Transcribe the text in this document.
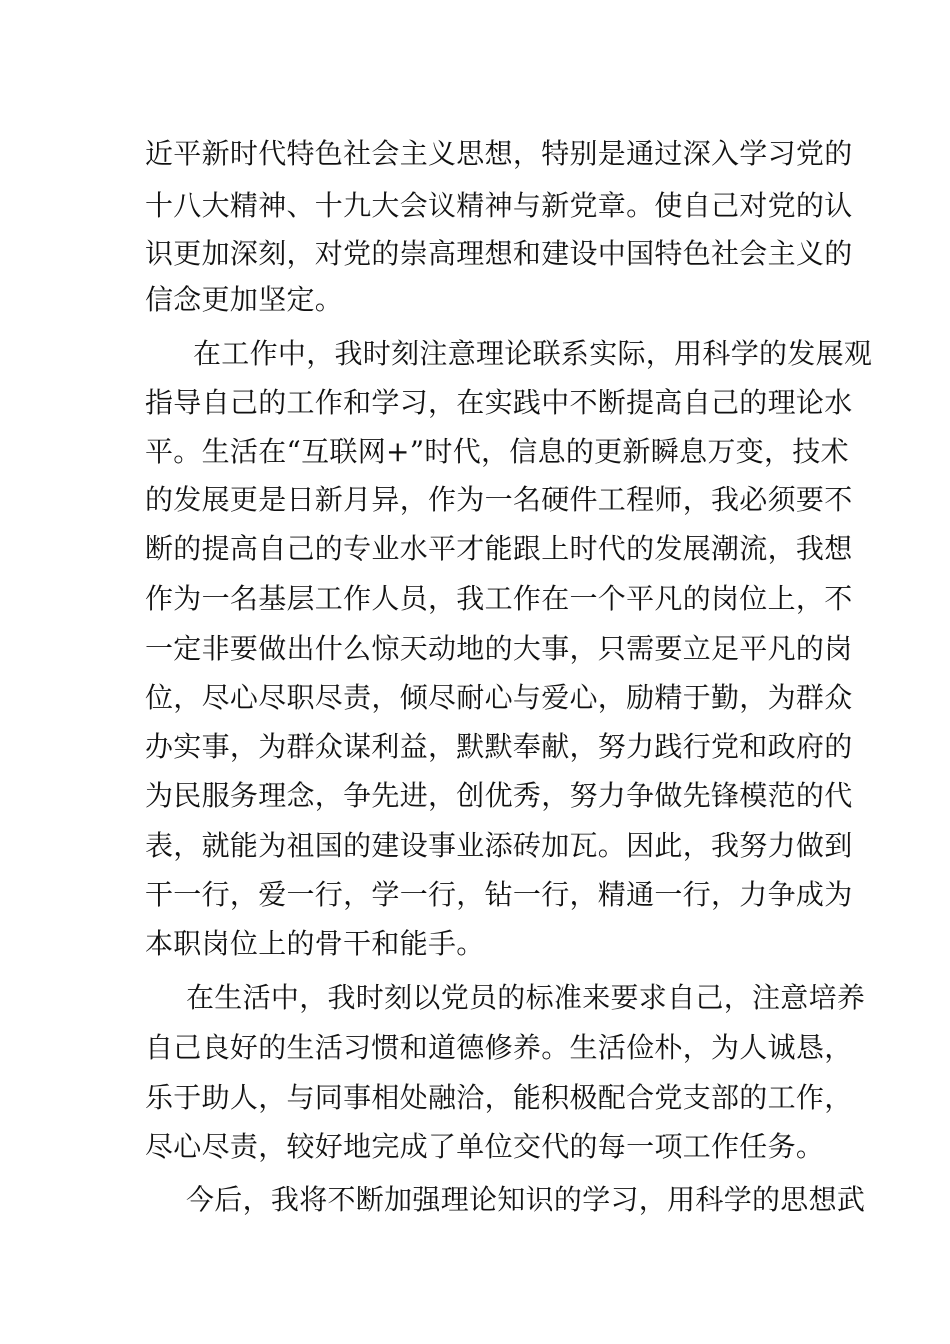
近平新时代特色社会主义思想，特别是通过深入学习党的
十八大精神、十九大会议精神与新党章。使自己对党的认
识更加深刻，对党的崇高理想和建设中国特色社会主义的
信念更加坚定。
在工作中，我时刻注意理论联系实际，用科学的发展观
指导自己的工作和学习，在实践中不断提高自己的理论水
平。生活在“互联网+”时代，信息的更新瞬息万变，技术
的发展更是日新月异，作为一名硬件工程师，我必须要不
断的提高自己的专业水平才能跟上时代的发展潮流，我想
作为一名基层工作人员，我工作在一个平凡的岗位上，不
一定非要做出什么惊天动地的大事，只需要立足平凡的岗
位，尽心尽职尽责，倾尽耐心与爱心，励精于勤，为群众
办实事，为群众谋利益，默默奉献，努力践行党和政府的
为民服务理念，争先进，创优秀，努力争做先锋模范的代
表，就能为祖国的建设事业添砖加瓦。因此，我努力做到
干一行，爱一行，学一行，钻一行，精通一行，力争成为
本职岗位上的骨干和能手。
在生活中，我时刻以党员的标准来要求自己，注意培养
自己良好的生活习惯和道德修养。生活俭朴，为人诚恳，
乐于助人，与同事相处融洽，能积极配合党支部的工作，
尽心尽责，较好地完成了单位交代的每一项工作任务。
今后，我将不断加强理论知识的学习，用科学的思想武
